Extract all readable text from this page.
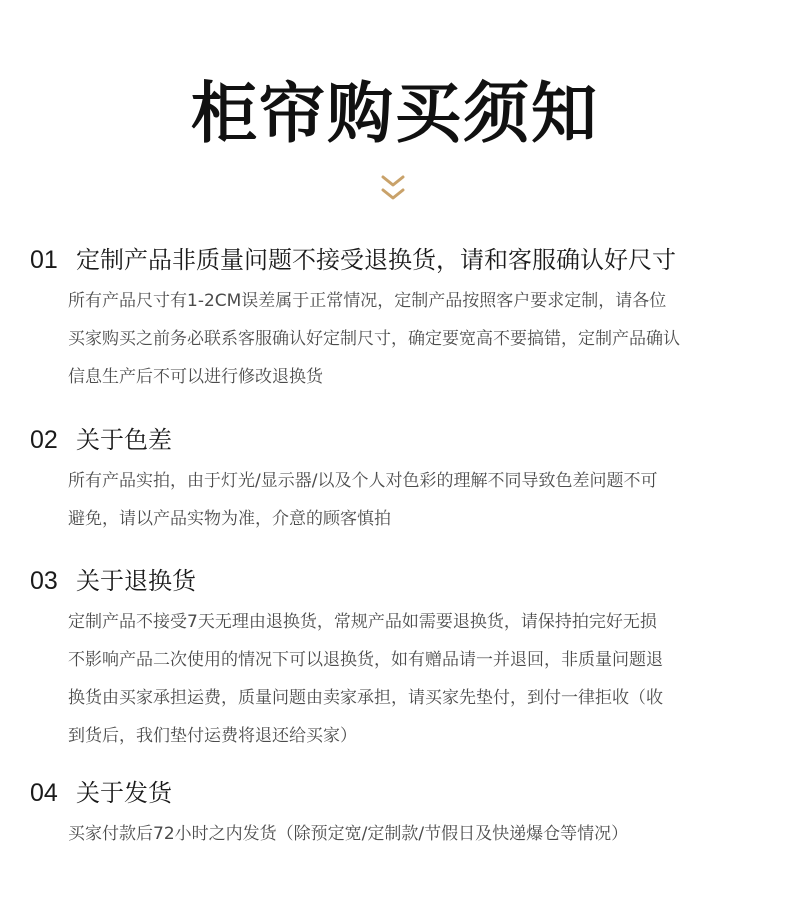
柜帘购买须知
01 定制产品非质量问题不接受退换货，请和客服确认好尺寸
所有产品尺寸有1-2CM误差属于正常情况，定制产品按照客户要求定制，请各位
买家购买之前务必联系客服确认好定制尺寸，确定要宽高不要搞错，定制产品确认
信息生产后不可以进行修改退换货
02 关于色差
所有产品实拍，由于灯光/显示器/以及个人对色彩的理解不同导致色差问题不可
避免，请以产品实物为准，介意的顾客慎拍
03 关于退换货
定制产品不接受7天无理由退换货，常规产品如需要退换货，请保持拍完好无损
不影响产品二次使用的情况下可以退换货，如有赠品请一并退回，非质量问题退
换货由买家承担运费，质量问题由卖家承担，请买家先垫付，到付一律拒收（收
到货后，我们垫付运费将退还给买家）
04 关于发货
买家付款后72小时之内发货（除预定宽/定制款/节假日及快递爆仓等情况）
